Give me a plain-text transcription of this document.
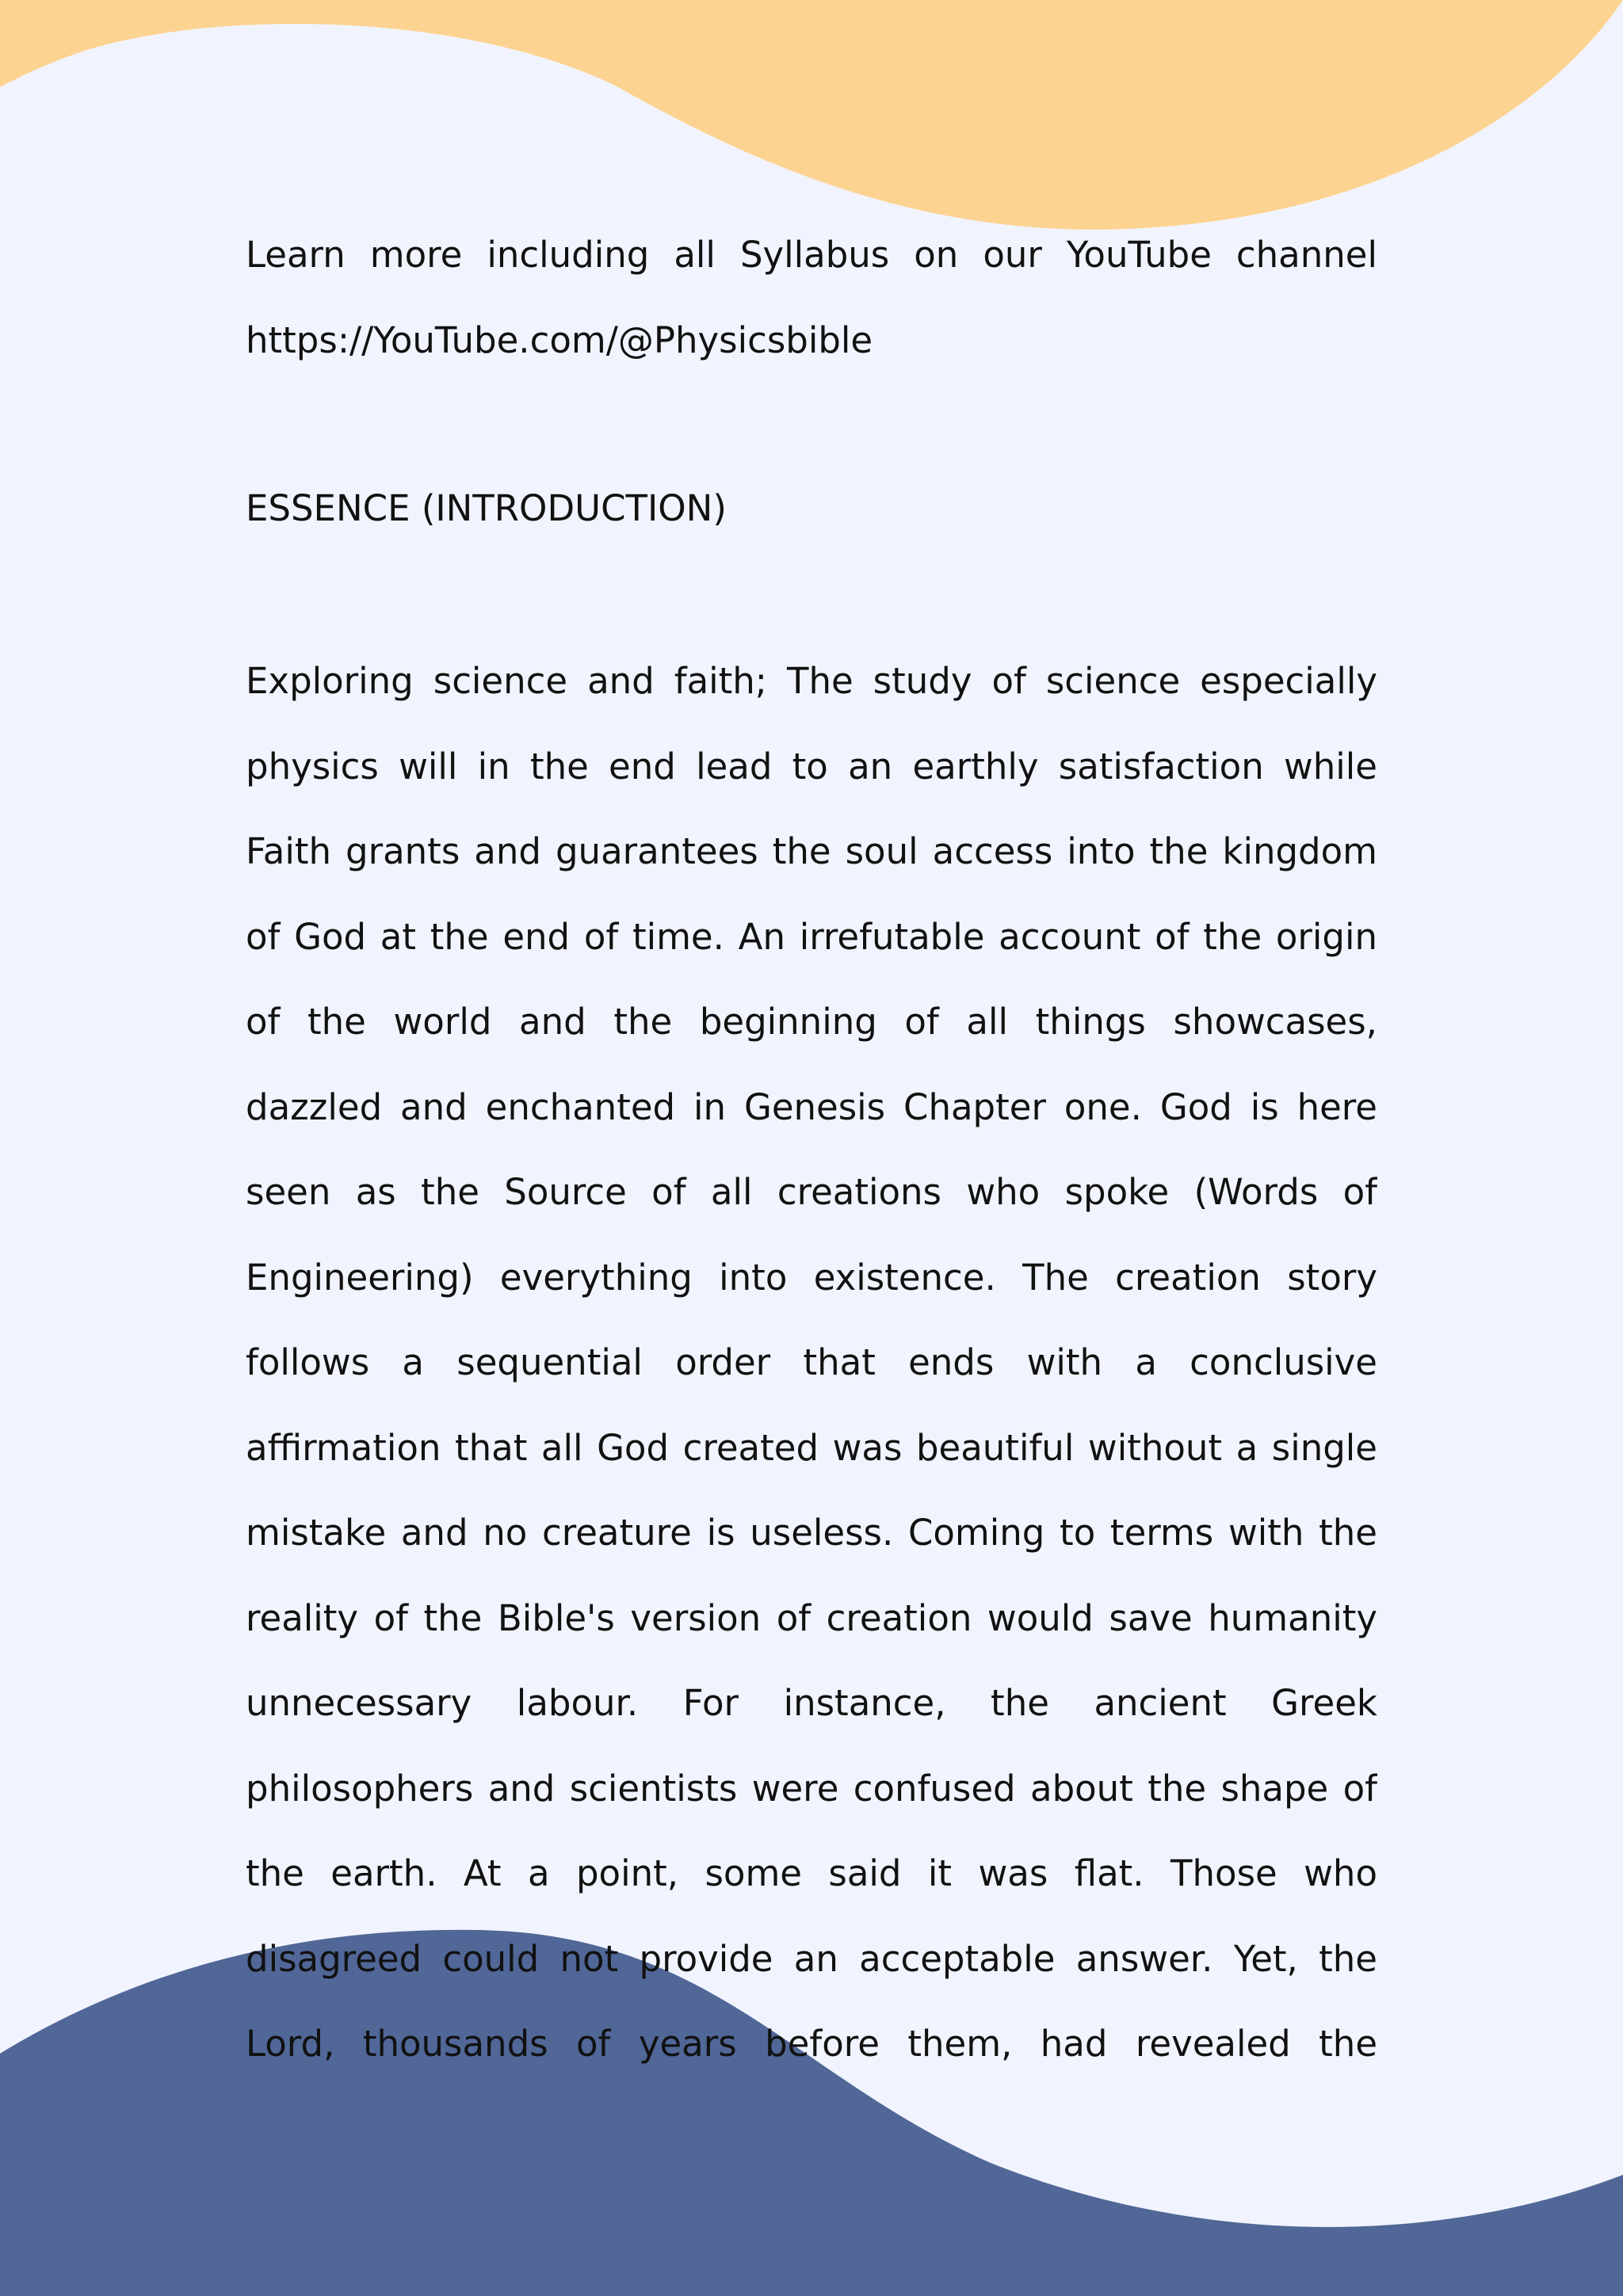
Learn more including all Syllabus on our YouTube channel

https://YouTube.com/@Physicsbible

ESSENCE (INTRODUCTION)

Exploring science and faith; The study of science especially

physics will in the end lead to an earthly satisfaction while

Faith grants and guarantees the soul access into the kingdom

of God at the end of time. An irrefutable account of the origin

of the world and the beginning of all things showcases,

dazzled and enchanted in Genesis Chapter one. God is here

seen as the Source of all creations who spoke (Words of

Engineering) everything into existence. The creation story

follows a sequential order that ends with a conclusive

affirmation that all God created was beautiful without a single

mistake and no creature is useless. Coming to terms with the

reality of the Bible's version of creation would save humanity

unnecessary labour. For instance, the ancient Greek

philosophers and scientists were confused about the shape of

the earth. At a point, some said it was flat. Those who

disagreed could not provide an acceptable answer. Yet, the

Lord, thousands of years before them, had revealed the
